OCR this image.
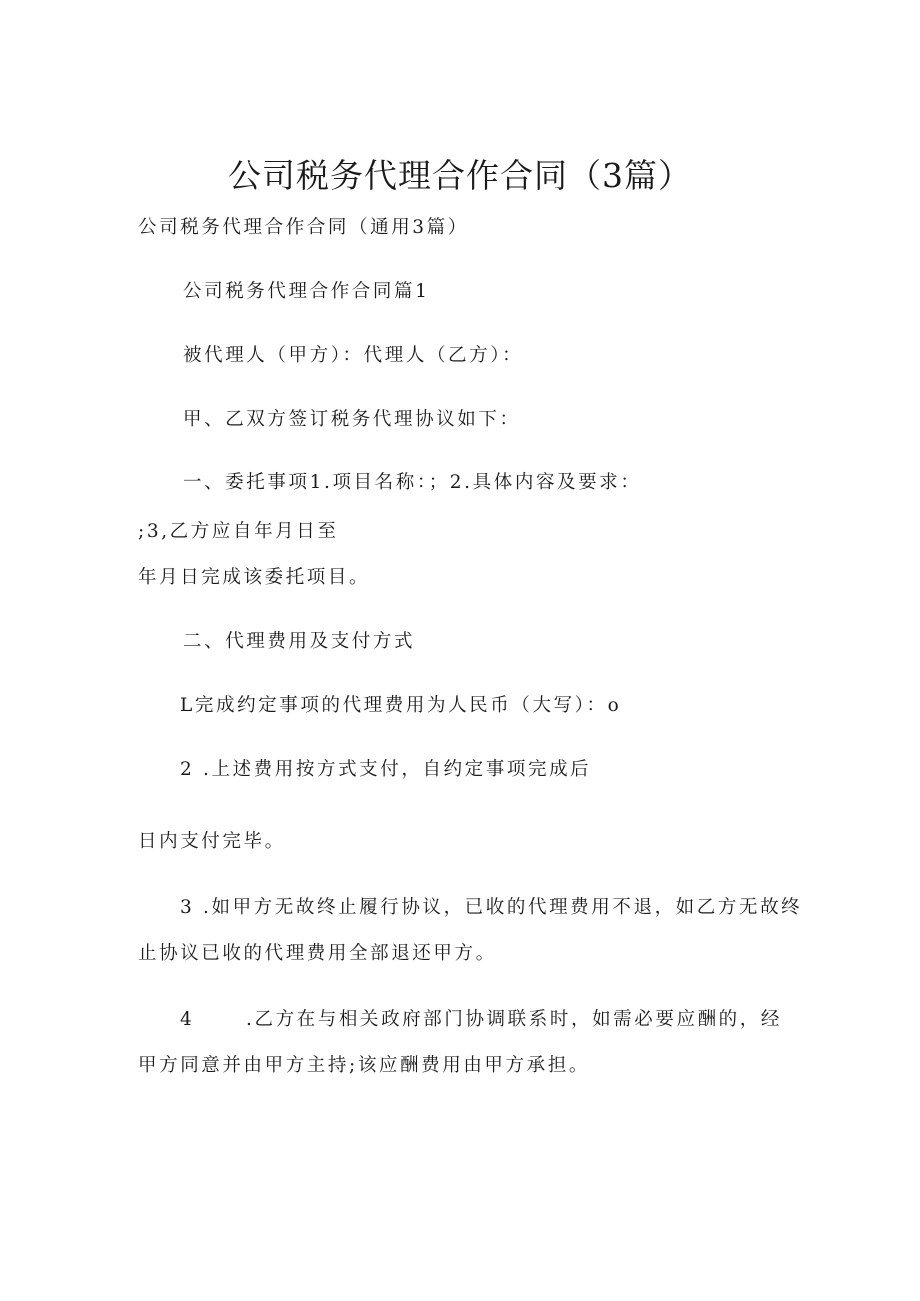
公司税务代理合作合同（3篇）

公司税务代理合作合同（通用3篇）

公司税务代理合作合同篇1

被代理人（甲方）：代理人（乙方）：

甲、乙双方签订税务代理协议如下：

一、委托事项1.项目名称：；2.具体内容及要求：

;3,乙方应自年月日至

年月日完成该委托项目。

二、代理费用及支付方式

L完成约定事项的代理费用为人民币（大写）：o

2 .上述费用按方式支付，自约定事项完成后

日内支付完毕。

3 .如甲方无故终止履行协议，已收的代理费用不退，如乙方无故终

止协议已收的代理费用全部退还甲方。

4	.乙方在与相关政府部门协调联系时，如需必要应酬的，经

甲方同意并由甲方主持;该应酬费用由甲方承担。
